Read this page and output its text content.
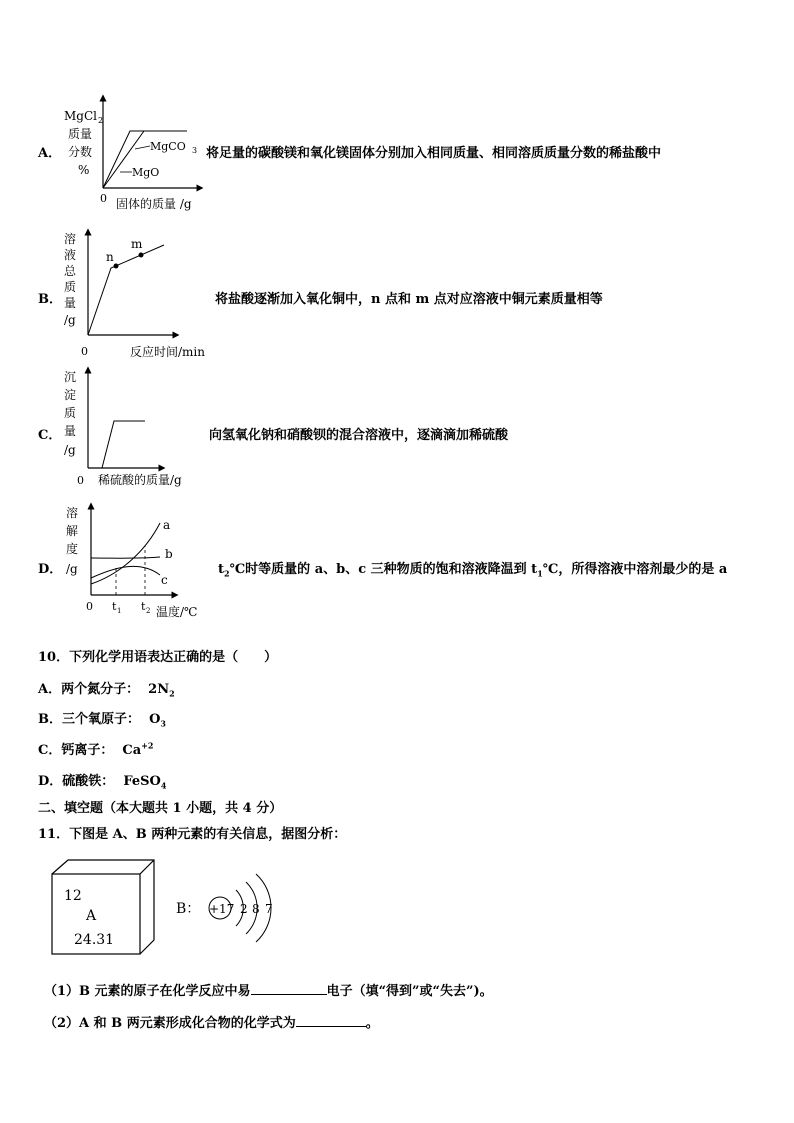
A．
MgCl 2
质量
分数
%
0 固体的质量 /g
MgCO 3
MgO
将足量的碳酸镁和氧化镁固体分别加入相同质量、相同溶质质量分数的稀盐酸中
B．
溶
液
总
质
量
/g
0	反应时间/min
n
m
将盐酸逐渐加入氧化铜中，n 点和 m 点对应溶液中铜元素质量相等
C．
沉
淀
质
量
/g
0 稀硫酸的质量/g
向氢氧化钠和硝酸钡的混合溶液中，逐滴滴加稀硫酸
D．
溶
解
度
/g
0 t 1 t 2 温度/℃
a
b
c
$t_2℃$时等质量的 a、b、c 三种物质的饱和溶液降温到 $t_1℃$，所得溶液中溶剂最少的是 a
10．下列化学用语表达正确的是（　　）
A．两个氮分子： $2N_2$
B．三个氧原子： $O_3$
C．钙离子： $Ca^{+2}$
D．硫酸铁： FeSO$_4$
二、填空题（本大题共 1 小题，共 4 分）
11．下图是 A、B 两种元素的有关信息，据图分析：
12
A
24.31
B： +17 2 8 7
（1）B 元素的原子在化学反应中易	电子（填“得到”或“失去”)。
（2）A 和 B 两元素形成化合物的化学式为	。
